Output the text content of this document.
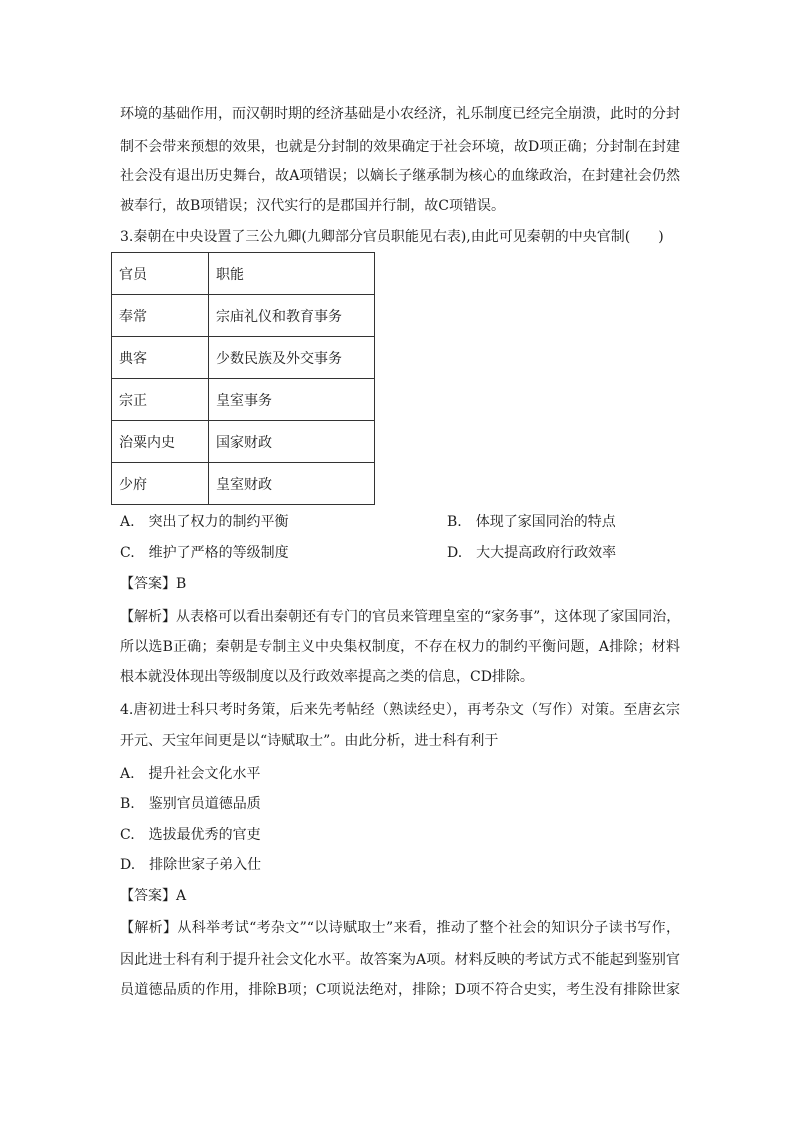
环境的基础作用，而汉朝时期的经济基础是小农经济，礼乐制度已经完全崩溃，此时的分封
制不会带来预想的效果，也就是分封制的效果确定于社会环境，故D项正确；分封制在封建
社会没有退出历史舞台，故A项错误；以嫡长子继承制为核心的血缘政治，在封建社会仍然
被奉行，故B项错误；汉代实行的是郡国并行制，故C项错误。
3.秦朝在中央设置了三公九卿(九卿部分官员职能见右表),由此可见秦朝的中央官制(　　)
官员	职能
奉常	宗庙礼仪和教育事务
典客	少数民族及外交事务
宗正	皇室事务
治粟内史	国家财政
少府	皇室财政
A.　突出了权力的制约平衡	B.　体现了家国同治的特点
C.　维护了严格的等级制度	D.　大大提高政府行政效率
【答案】B
【解析】从表格可以看出秦朝还有专门的官员来管理皇室的“家务事”，这体现了家国同治，
所以选B正确；秦朝是专制主义中央集权制度，不存在权力的制约平衡问题，A排除；材料
根本就没体现出等级制度以及行政效率提高之类的信息，CD排除。
4.唐初进士科只考时务策，后来先考帖经（熟读经史），再考杂文（写作）对策。至唐玄宗
开元、天宝年间更是以“诗赋取士”。由此分析，进士科有利于
A.　提升社会文化水平
B.　鉴别官员道德品质
C.　选拔最优秀的官吏
D.　排除世家子弟入仕
【答案】A
【解析】从科举考试“考杂文”“以诗赋取士”来看，推动了整个社会的知识分子读书写作，
因此进士科有利于提升社会文化水平。故答案为A项。材料反映的考试方式不能起到鉴别官
员道德品质的作用，排除B项；C项说法绝对，排除；D项不符合史实，考生没有排除世家
